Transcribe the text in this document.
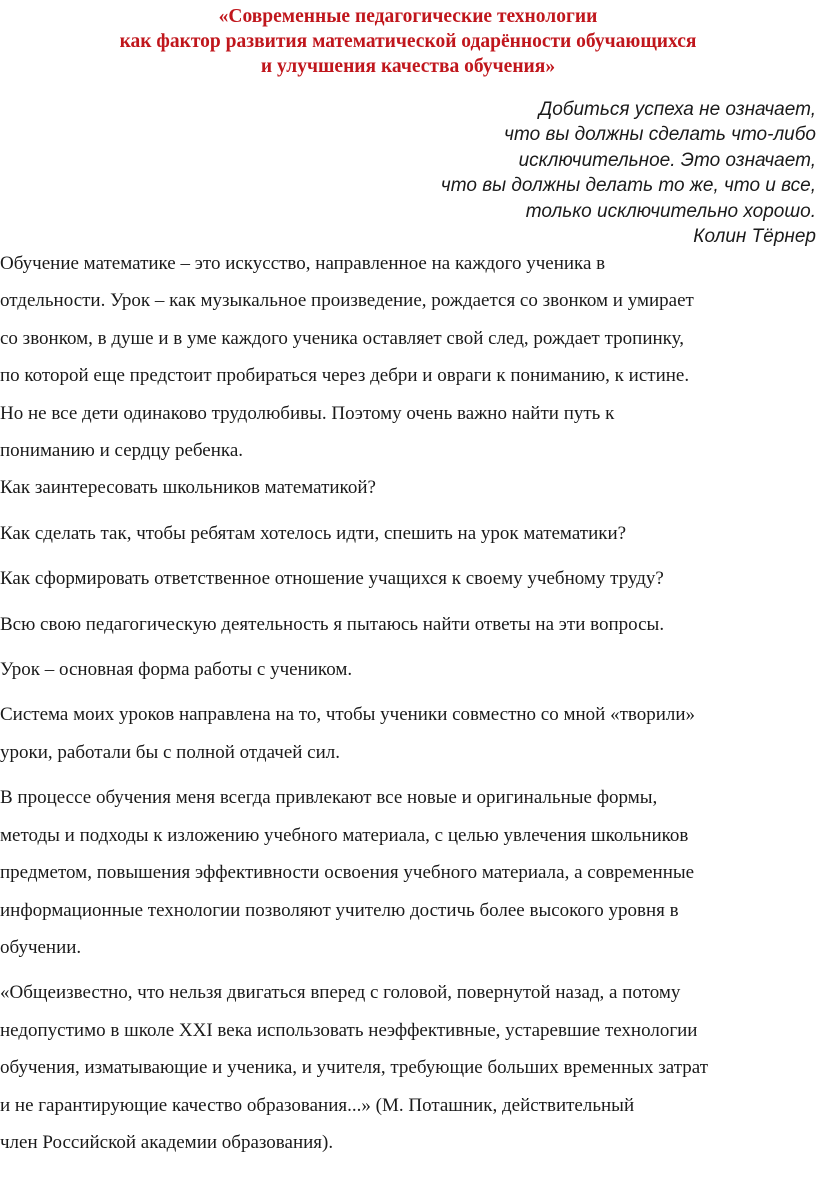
«Современные педагогические технологии
как фактор развития математической одарённости обучающихся
и улучшения качества обучения»
Добиться успеха не означает,
что вы должны сделать что-либо
исключительное. Это означает,
что вы должны делать то же, что и все,
только исключительно хорошо.
Колин Тёрнер
Обучение математике – это искусство, направленное на каждого ученика в
отдельности. Урок – как музыкальное произведение, рождается со звонком и умирает
со звонком, в душе и в уме каждого ученика оставляет свой след, рождает тропинку,
по которой еще предстоит пробираться через дебри и овраги к пониманию, к истине.
Но не все дети одинаково трудолюбивы. Поэтому очень важно найти путь к
пониманию и сердцу ребенка.
Как заинтересовать школьников математикой?
Как сделать так, чтобы ребятам хотелось идти, спешить на урок математики?
Как сформировать ответственное отношение учащихся к своему учебному труду?
Всю свою педагогическую деятельность я пытаюсь найти ответы на эти вопросы.
Урок – основная форма работы с учеником.
Система моих уроков направлена на то, чтобы ученики совместно со мной «творили»
уроки, работали бы с полной отдачей сил.
В процессе обучения меня всегда привлекают все новые и оригинальные формы,
методы и подходы к изложению учебного материала, с целью увлечения школьников
предметом, повышения эффективности освоения учебного материала, а современные
информационные технологии позволяют учителю достичь более высокого уровня в
обучении.
«Общеизвестно, что нельзя двигаться вперед с головой, повернутой назад, а потому
недопустимо в школе XXI века использовать неэффективные, устаревшие технологии
обучения, изматывающие и ученика, и учителя, требующие больших временных затрат
и не гарантирующие качество образования...» (М. Поташник, действительный
член Российской академии образования).
